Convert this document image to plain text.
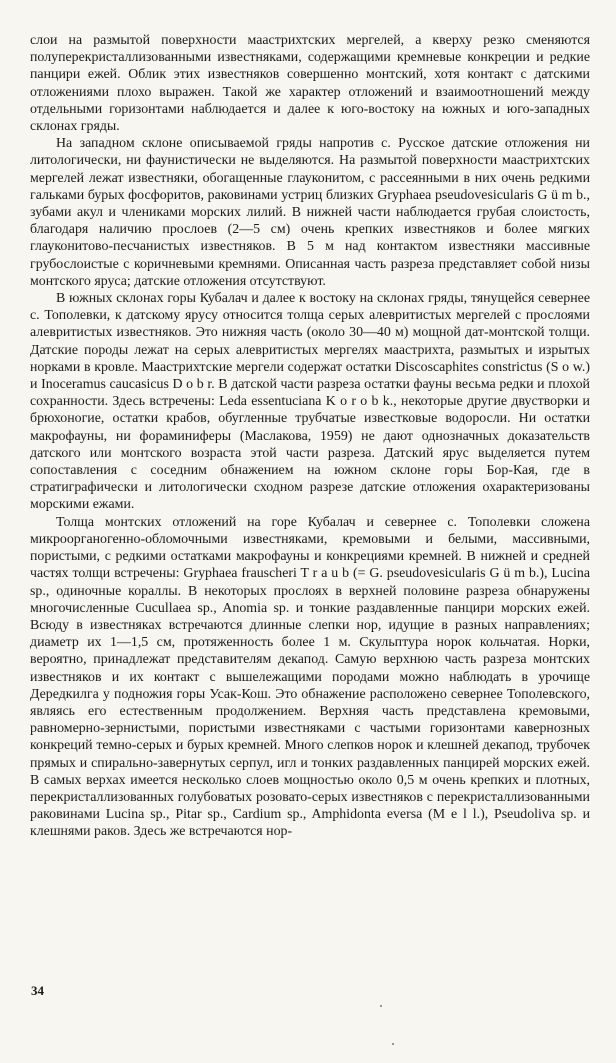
слои на размытой поверхности маастрихтских мергелей, а кверху резко сменяются полуперекристаллизованными известняками, содержащими кремневые конкреции и редкие панцири ежей. Облик этих известняков совершенно монтский, хотя контакт с датскими отложениями плохо выражен. Такой же характер отложений и взаимоотношений между отдельными горизонтами наблюдается и далее к юго-востоку на южных и юго-западных склонах гряды.

На западном склоне описываемой гряды напротив с. Русское датские отложения ни литологически, ни фаунистически не выделяются. На размытой поверхности маастрихтских мергелей лежат известняки, обогащенные глауконитом, с рассеянными в них очень редкими гальками бурых фосфоритов, раковинами устриц близких Gryphaea pseudovesicularis G ü m b., зубами акул и члениками морских лилий. В нижней части наблюдается грубая слоистость, благодаря наличию прослоев (2—5 см) очень крепких известняков и более мягких глауконитово-песчанистых известняков. В 5 м над контактом известняки массивные грубослоистые с коричневыми кремнями. Описанная часть разреза представляет собой низы монтского яруса; датские отложения отсутствуют.

В южных склонах горы Кубалач и далее к востоку на склонах гряды, тянущейся севернее с. Тополевки, к датскому ярусу относится толща серых алевритистых мергелей с прослоями алевритистых известняков. Это нижняя часть (около 30—40 м) мощной дат-монтской толщи. Датские породы лежат на серых алевритистых мергелях маастрихта, размытых и изрытых норками в кровле. Маастрихтские мергели содержат остатки Discoscaphites constrictus (S o w.) и Inoceramus caucasicus D o b r. В датской части разреза остатки фауны весьма редки и плохой сохранности. Здесь встречены: Leda essentuciana K o r o b k., некоторые другие двустворки и брюхоногие, остатки крабов, обугленные трубчатые известковые водоросли. Ни остатки макрофауны, ни фораминиферы (Маслакова, 1959) не дают однозначных доказательств датского или монтского возраста этой части разреза. Датский ярус выделяется путем сопоставления с соседним обнажением на южном склоне горы Бор-Кая, где в стратиграфически и литологически сходном разрезе датские отложения охарактеризованы морскими ежами.

Толща монтских отложений на горе Кубалач и севернее с. Тополевки сложена микроорганогенно-обломочными известняками, кремовыми и белыми, массивными, пористыми, с редкими остатками макрофауны и конкрециями кремней. В нижней и средней частях толщи встречены: Gryphaea frauscheri T r a u b (= G. pseudovesicularis G ü m b.), Lucina sp., одиночные кораллы. В некоторых прослоях в верхней половине разреза обнаружены многочисленные Cucullaea sp., Anomia sp. и тонкие раздавленные панцири морских ежей. Всюду в известняках встречаются длинные слепки нор, идущие в разных направлениях; диаметр их 1—1,5 см, протяженность более 1 м. Скульптура норок кольчатая. Норки, вероятно, принадлежат представителям декапод. Самую верхнюю часть разреза монтских известняков и их контакт с вышележащими породами можно наблюдать в урочище Дередкилга у подножия горы Усак-Кош. Это обнажение расположено севернее Тополевского, являясь его естественным продолжением. Верхняя часть представлена кремовыми, равномерно-зернистыми, пористыми известняками с частыми горизонтами кавернозных конкреций темно-серых и бурых кремней. Много слепков норок и клешней декапод, трубочек прямых и спирально-завернутых серпул, игл и тонких раздавленных панцирей морских ежей. В самых верхах имеется несколько слоев мощностью около 0,5 м очень крепких и плотных, перекристаллизованных голубоватых розовато-серых известняков с перекристаллизованными раковинами Lucina sp., Pitar sp., Cardium sp., Amphidonta eversa (M e l l.), Pseudoliva sp. и клешнями раков. Здесь же встречаются нор-

34
